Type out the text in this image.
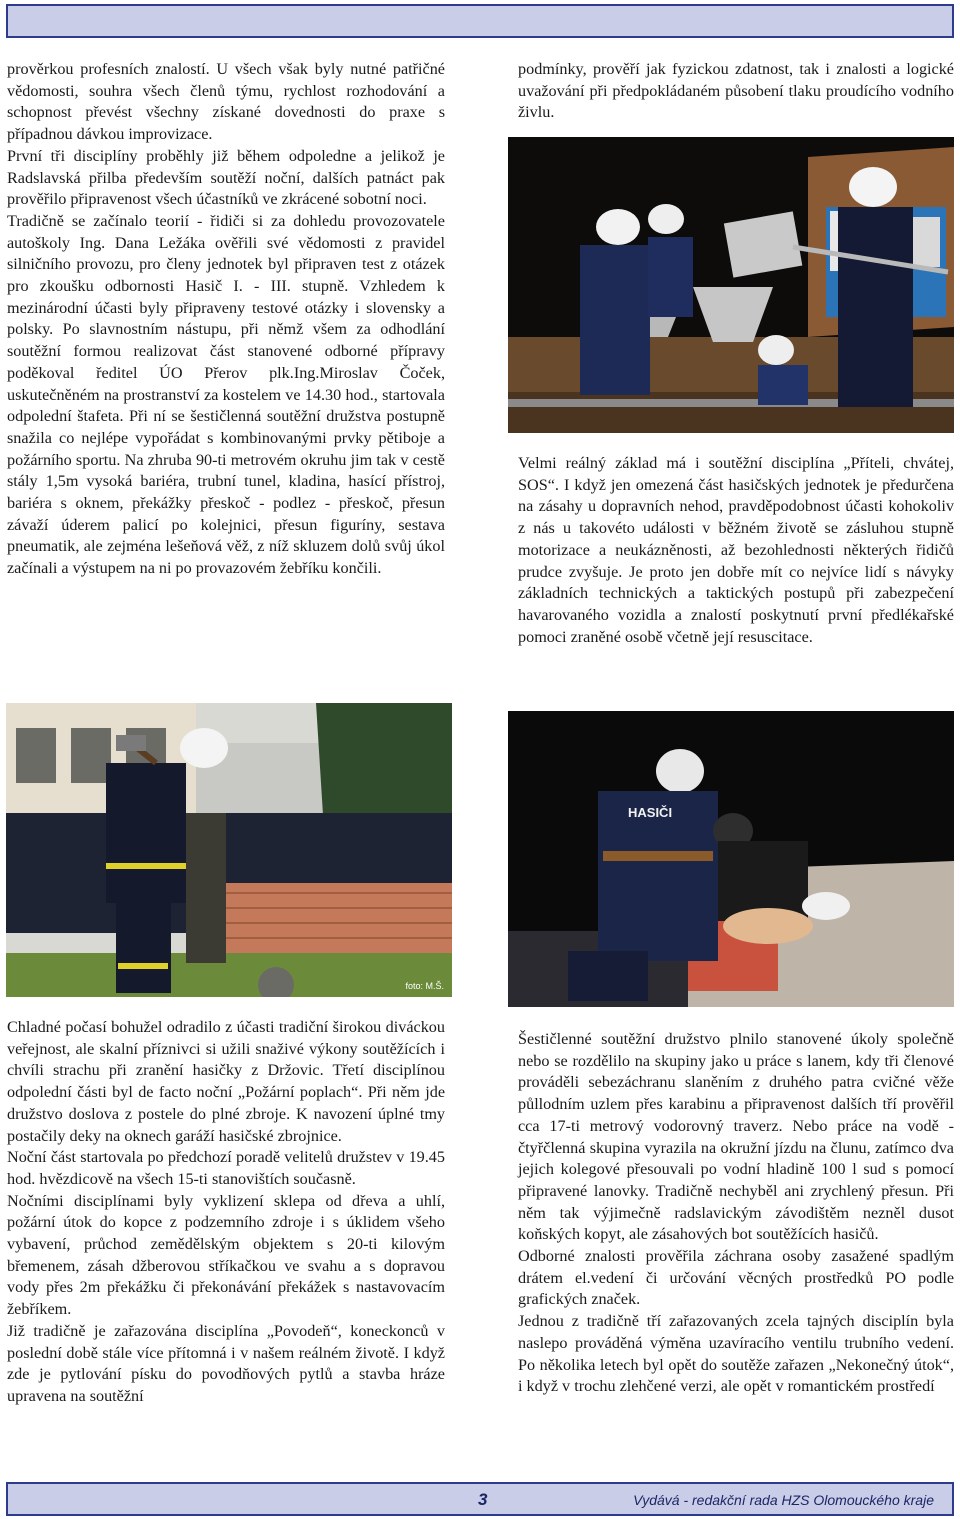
prověrkou profesních znalostí. U všech však byly nutné patřičné vědomosti, souhra všech členů týmu, rychlost rozhodování a schopnost převést všechny získané dovednosti do praxe s případnou dávkou improvizace.

První tři disciplíny proběhly již během odpoledne a jelikož je Radslavská přilba především soutěží noční, dalších patnáct pak prověřilo připravenost všech účastníků ve zkrácené sobotní noci.

Tradičně se začínalo teorií - řidiči si za dohledu provozovatele autoškoly Ing. Dana Ležáka ověřili své vědomosti z pravidel silničního provozu, pro členy jednotek byl připraven test z otázek pro zkoušku odbornosti Hasič I. - III. stupně. Vzhledem k mezinárodní účasti byly připraveny testové otázky i slovensky a polsky. Po slavnostním nástupu, při němž všem za odhodlání soutěžní formou realizovat část stanovené odborné přípravy poděkoval ředitel ÚO Přerov plk.Ing.Miroslav Čoček, uskutečněném na prostranství za kostelem ve 14.30 hod., startovala odpolední štafeta. Při ní se šestičlenná soutěžní družstva postupně snažila co nejlépe vypořádat s kombinovanými prvky pětiboje a požárního sportu. Na zhruba 90-ti metrovém okruhu jim tak v cestě stály 1,5m vysoká bariéra, trubní tunel, kladina, hasící přístroj, bariéra s oknem, překážky přeskoč - podlez - přeskoč, přesun závaží úderem palicí po kolejnici, přesun figuríny, sestava pneumatik, ale zejména lešeňová věž, z níž skluzem dolů svůj úkol začínali a výstupem na ni po provazovém žebříku končili.

podmínky, prověří jak fyzickou zdatnost, tak i znalosti a logické uvažování při předpokládaném působení tlaku proudícího vodního živlu.

Velmi reálný základ má i soutěžní disciplína „Příteli, chvátej, SOS“. I když jen omezená část hasičských jednotek je předurčena na zásahy u dopravních nehod, pravděpodobnost účasti kohokoliv z nás u takovéto události v běžném životě se zásluhou stupně motorizace a neukázněnosti, až bezohlednosti některých řidičů prudce zvyšuje. Je proto jen dobře mít co nejvíce lidí s návyky základních technických a taktických postupů při zabezpečení havarovaného vozidla a znalostí poskytnutí první předlékařské pomoci zraněné osobě včetně její resuscitace.

foto: M.Š.
HASIČI

Chladné počasí bohužel odradilo z účasti tradiční širokou diváckou veřejnost, ale skalní příznivci si užili snaživé výkony soutěžících i chvíli strachu při zranění hasičky z Držovic. Třetí disciplínou odpolední části byl de facto noční „Požární poplach“. Při něm jde družstvo doslova z postele do plné zbroje. K navození úplné tmy postačily deky na oknech garáží hasičské zbrojnice.

Noční část startovala po předchozí poradě velitelů družstev v 19.45 hod. hvězdicově na všech 15-ti stanovištích současně.

Nočními disciplínami byly vyklizení sklepa od dřeva a uhlí, požární útok do kopce z podzemního zdroje i s úklidem všeho vybavení, průchod zemědělským objektem s 20-ti kilovým břemenem, zásah džberovou stříkačkou ve svahu a s dopravou vody přes 2m překážku či překonávání překážek s nastavovacím žebříkem.

Již tradičně je zařazována disciplína „Povodeň“, koneckonců v poslední době stále více přítomná i v našem reálném životě. I když zde je pytlování písku do povodňových pytlů a stavba hráze upravena na soutěžní

Šestičlenné soutěžní družstvo plnilo stanovené úkoly společně nebo se rozdělilo na skupiny jako u práce s lanem, kdy tři členové prováděli sebezáchranu slaněním z druhého patra cvičné věže půllodním uzlem přes karabinu a připravenost dalších tří prověřil cca 17-ti metrový vodorovný traverz. Nebo práce na vodě - čtyřčlenná skupina vyrazila na okružní jízdu na člunu, zatímco dva jejich kolegové přesouvali po vodní hladině 100 l sud s pomocí připravené lanovky. Tradičně nechyběl ani zrychlený přesun. Při něm tak výjimečně radslavickým závodištěm nezněl dusot koňských kopyt, ale zásahových bot soutěžících hasičů.

Odborné znalosti prověřila záchrana osoby zasažené spadlým drátem el.vedení či určování věcných prostředků PO podle grafických značek.

Jednou z tradičně tří zařazovaných zcela tajných disciplín byla naslepo prováděná výměna uzavíracího ventilu trubního vedení. Po několika letech byl opět do soutěže zařazen „Nekonečný útok“, i když v trochu zlehčené verzi, ale opět v romantickém prostředí

3	Vydává - redakční rada HZS Olomouckého kraje
